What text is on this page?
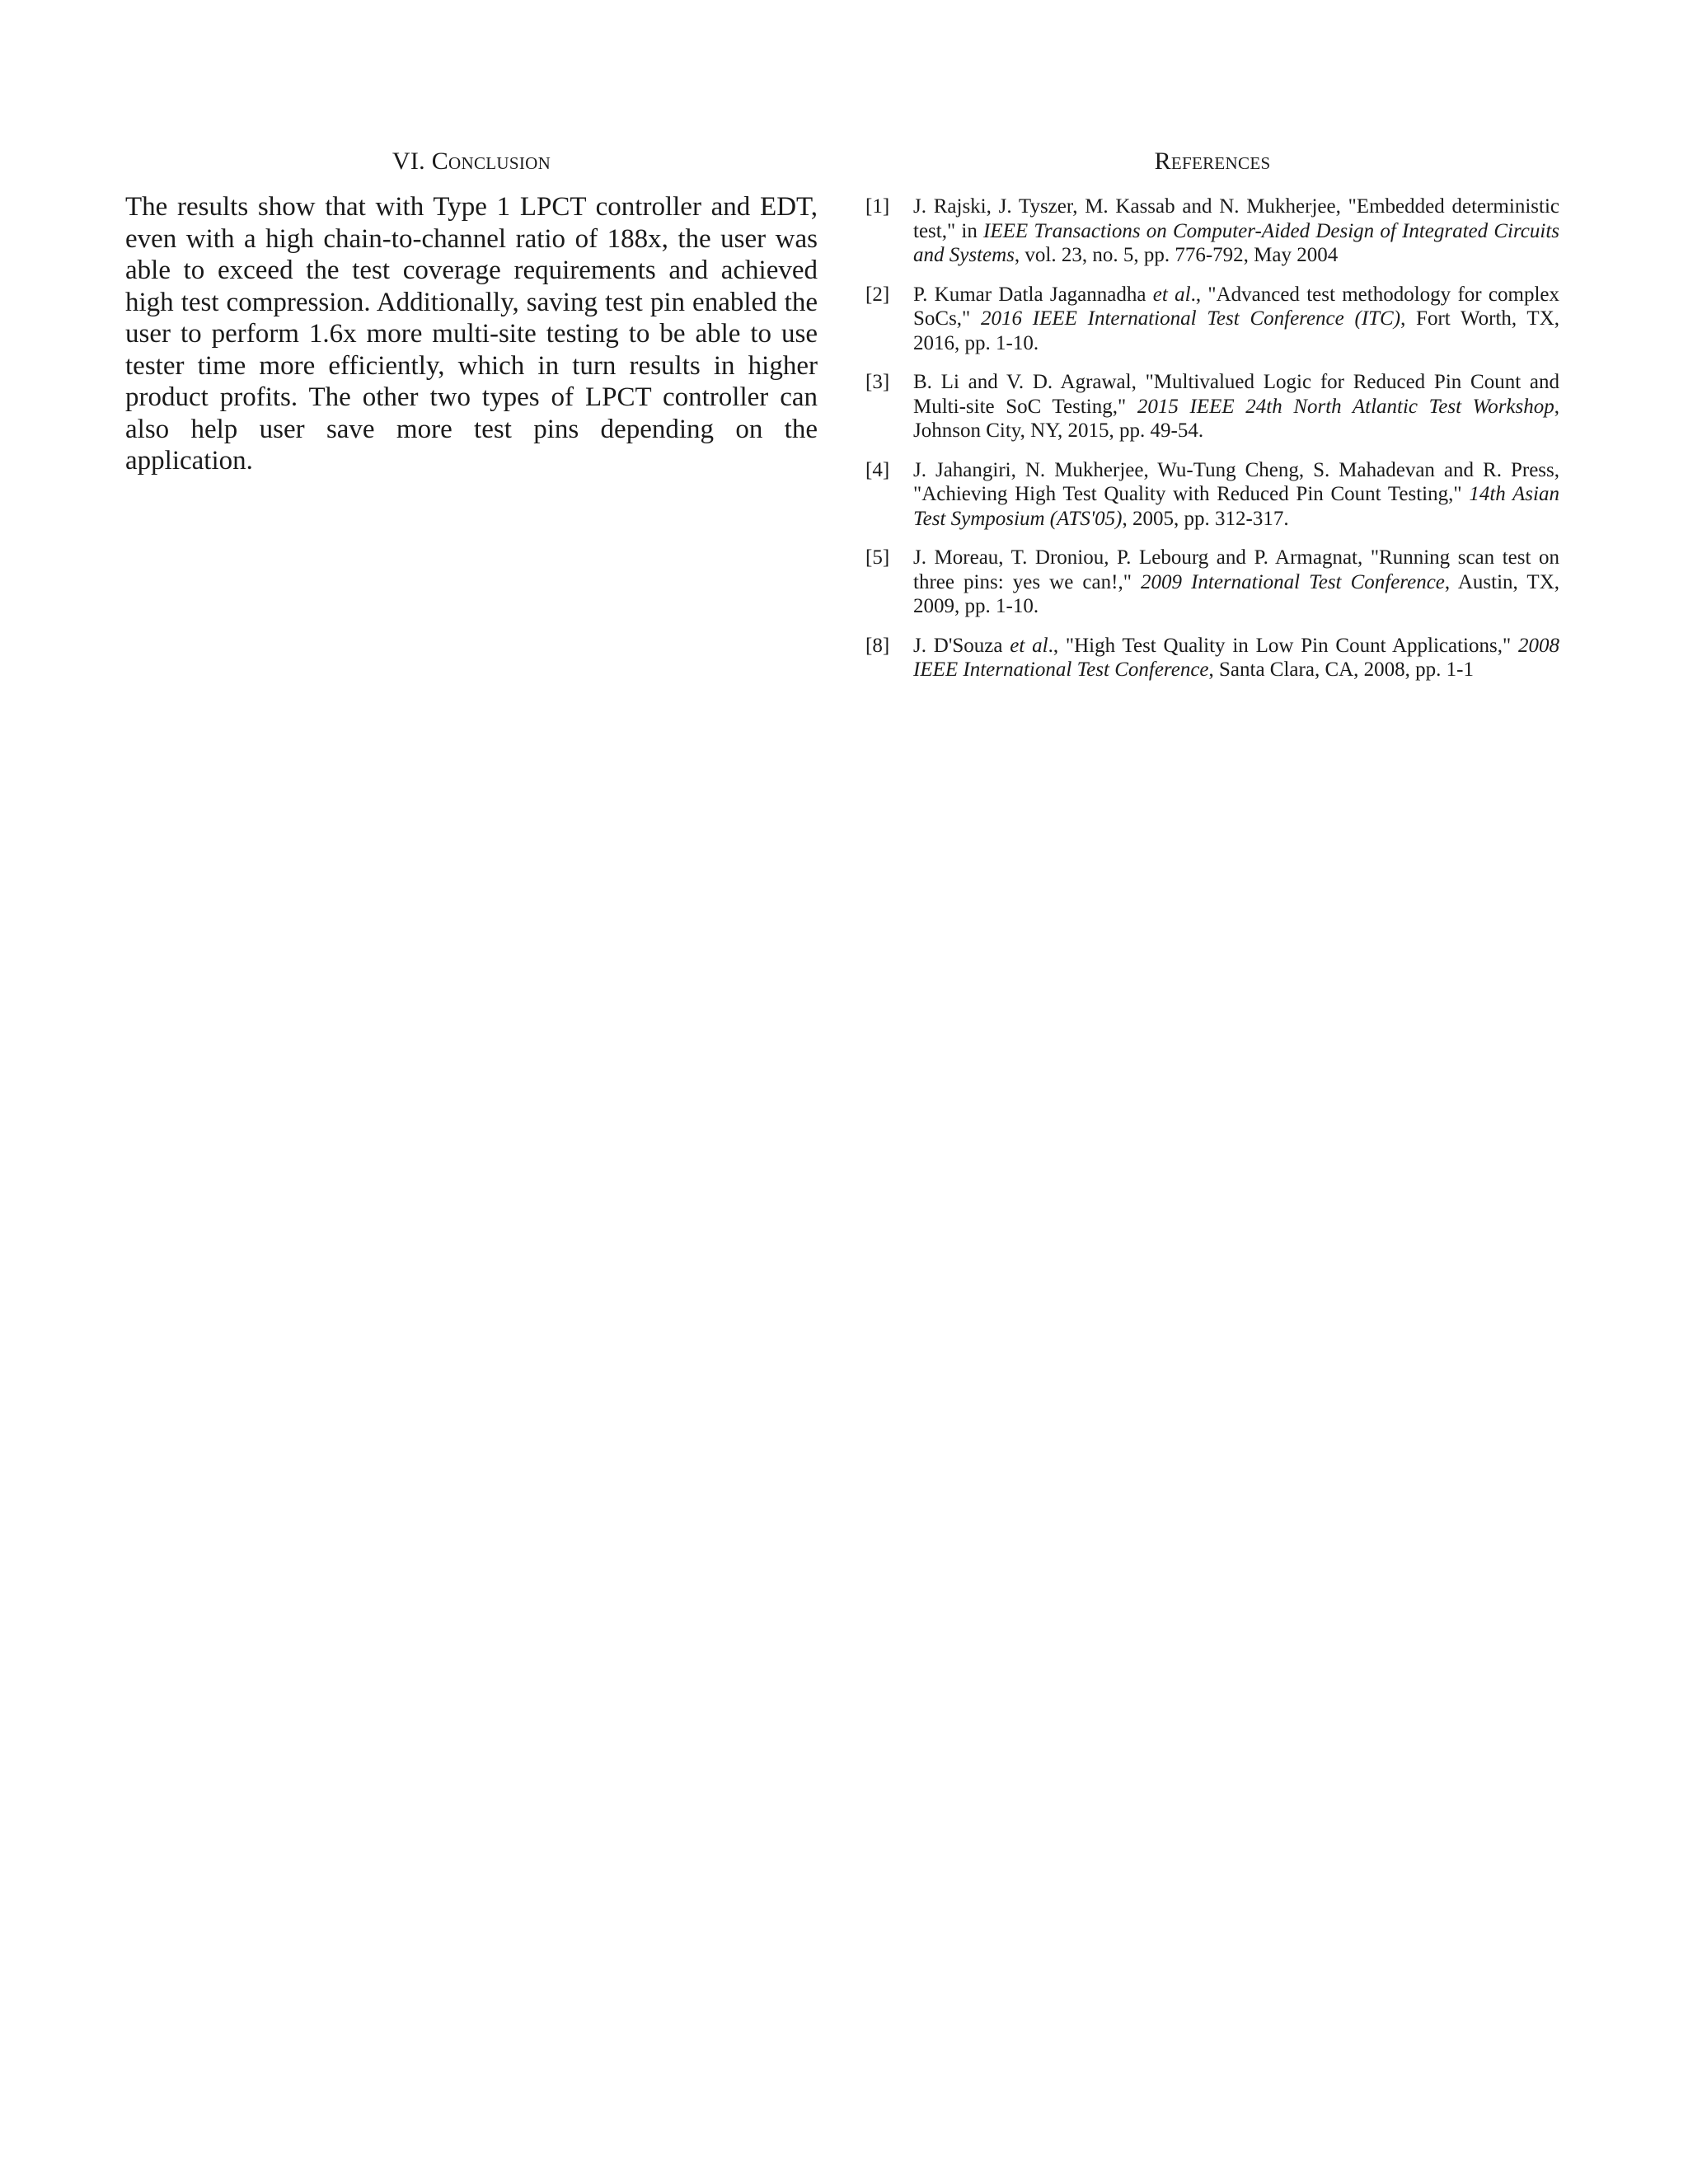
VI. Conclusion

The results show that with Type 1 LPCT controller and EDT, even with a high chain-to-channel ratio of 188x, the user was able to exceed the test coverage requirements and achieved high test compression. Additionally, saving test pin enabled the user to perform 1.6x more multi-site testing to be able to use tester time more efficiently, which in turn results in higher product profits. The other two types of LPCT controller can also help user save more test pins depending on the application.

References
[1]	J. Rajski, J. Tyszer, M. Kassab and N. Mukherjee, "Embedded deterministic test," in IEEE Transactions on Computer-Aided Design of Integrated Circuits and Systems, vol. 23, no. 5, pp. 776-792, May 2004
[2]	P. Kumar Datla Jagannadha et al., "Advanced test methodology for complex SoCs," 2016 IEEE International Test Conference (ITC), Fort Worth, TX, 2016, pp. 1-10.
[3]	B. Li and V. D. Agrawal, "Multivalued Logic for Reduced Pin Count and Multi-site SoC Testing," 2015 IEEE 24th North Atlantic Test Workshop, Johnson City, NY, 2015, pp. 49-54.
[4]	J. Jahangiri, N. Mukherjee, Wu-Tung Cheng, S. Mahadevan and R. Press, "Achieving High Test Quality with Reduced Pin Count Testing," 14th Asian Test Symposium (ATS'05), 2005, pp. 312-317.
[5]	J. Moreau, T. Droniou, P. Lebourg and P. Armagnat, "Running scan test on three pins: yes we can!," 2009 International Test Conference, Austin, TX, 2009, pp. 1-10.
[8]	J. D'Souza et al., "High Test Quality in Low Pin Count Applications," 2008 IEEE International Test Conference, Santa Clara, CA, 2008, pp. 1-1
